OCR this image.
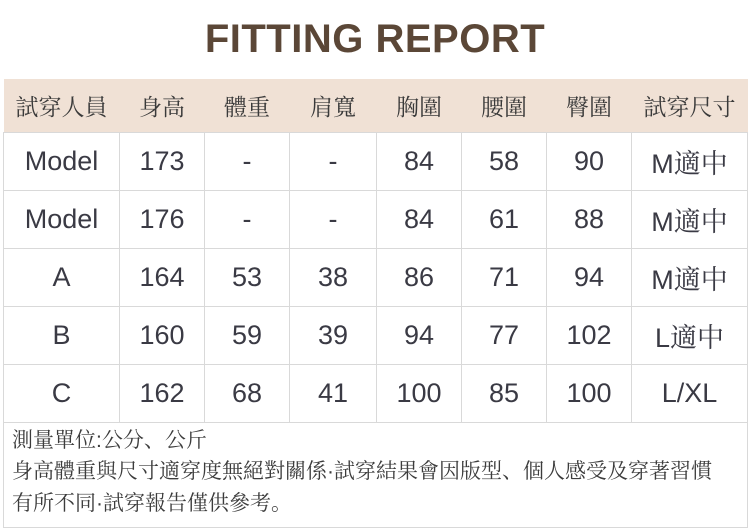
FITTING REPORT
試穿人員	身高	體重	肩寬	胸圍	腰圍	臀圍	試穿尺寸
Model	173	-	-	84	58	90	M適中
Model	176	-	-	84	61	88	M適中
A	164	53	38	86	71	94	M適中
B	160	59	39	94	77	102	L適中
C	162	68	41	100	85	100	L/XL

測量單位:公分、公斤
身高體重與尺寸適穿度無絕對關係·試穿結果會因版型、個人感受及穿著習慣有所不同·試穿報告僅供參考。							
